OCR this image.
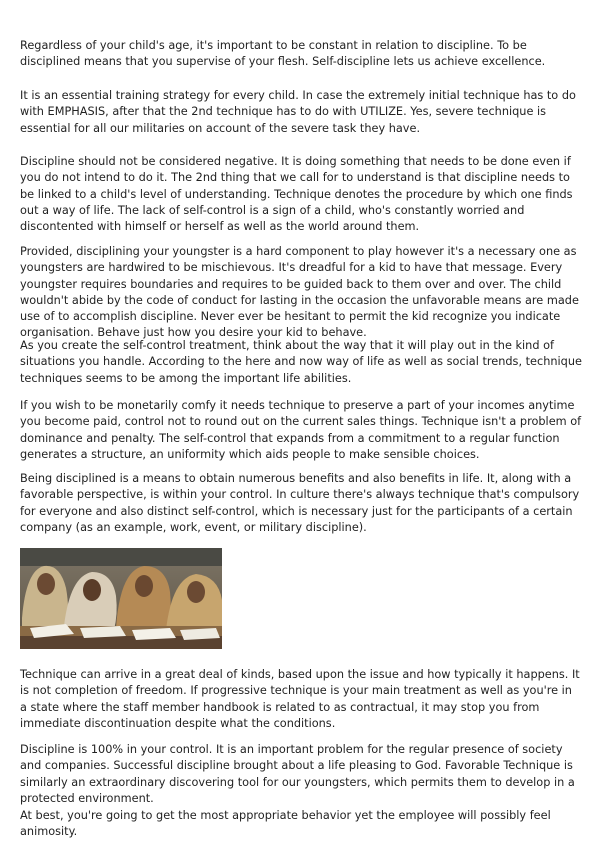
Regardless of your child's age, it's important to be constant in relation to discipline. To be disciplined means that you supervise of your flesh. Self-discipline lets us achieve excellence.

It is an essential training strategy for every child. In case the extremely initial technique has to do with EMPHASIS, after that the 2nd technique has to do with UTILIZE. Yes, severe technique is essential for all our militaries on account of the severe task they have.

Discipline should not be considered negative. It is doing something that needs to be done even if you do not intend to do it. The 2nd thing that we call for to understand is that discipline needs to be linked to a child's level of understanding. Technique denotes the procedure by which one finds out a way of life. The lack of self-control is a sign of a child, who's constantly worried and discontented with himself or herself as well as the world around them.

Provided, disciplining your youngster is a hard component to play however it's a necessary one as youngsters are hardwired to be mischievous. It's dreadful for a kid to have that message. Every youngster requires boundaries and requires to be guided back to them over and over. The child wouldn't abide by the code of conduct for lasting in the occasion the unfavorable means are made use of to accomplish discipline. Never ever be hesitant to permit the kid recognize you indicate organisation. Behave just how you desire your kid to behave.

As you create the self-control treatment, think about the way that it will play out in the kind of situations you handle. According to the here and now way of life as well as social trends, technique techniques seems to be among the important life abilities.

If you wish to be monetarily comfy it needs technique to preserve a part of your incomes anytime you become paid, control not to round out on the current sales things. Technique isn't a problem of dominance and penalty. The self-control that expands from a commitment to a regular function generates a structure, an uniformity which aids people to make sensible choices.

Being disciplined is a means to obtain numerous benefits and also benefits in life. It, along with a favorable perspective, is within your control. In culture there's always technique that's compulsory for everyone and also distinct self-control, which is necessary just for the participants of a certain company (as an example, work, event, or military discipline).

Technique can arrive in a great deal of kinds, based upon the issue and how typically it happens. It is not completion of freedom. If progressive technique is your main treatment as well as you're in a state where the staff member handbook is related to as contractual, it may stop you from immediate discontinuation despite what the conditions.

Discipline is 100% in your control. It is an important problem for the regular presence of society and companies. Successful discipline brought about a life pleasing to God. Favorable Technique is similarly an extraordinary discovering tool for our youngsters, which permits them to develop in a protected environment.

At best, you're going to get the most appropriate behavior yet the employee will possibly feel animosity.
